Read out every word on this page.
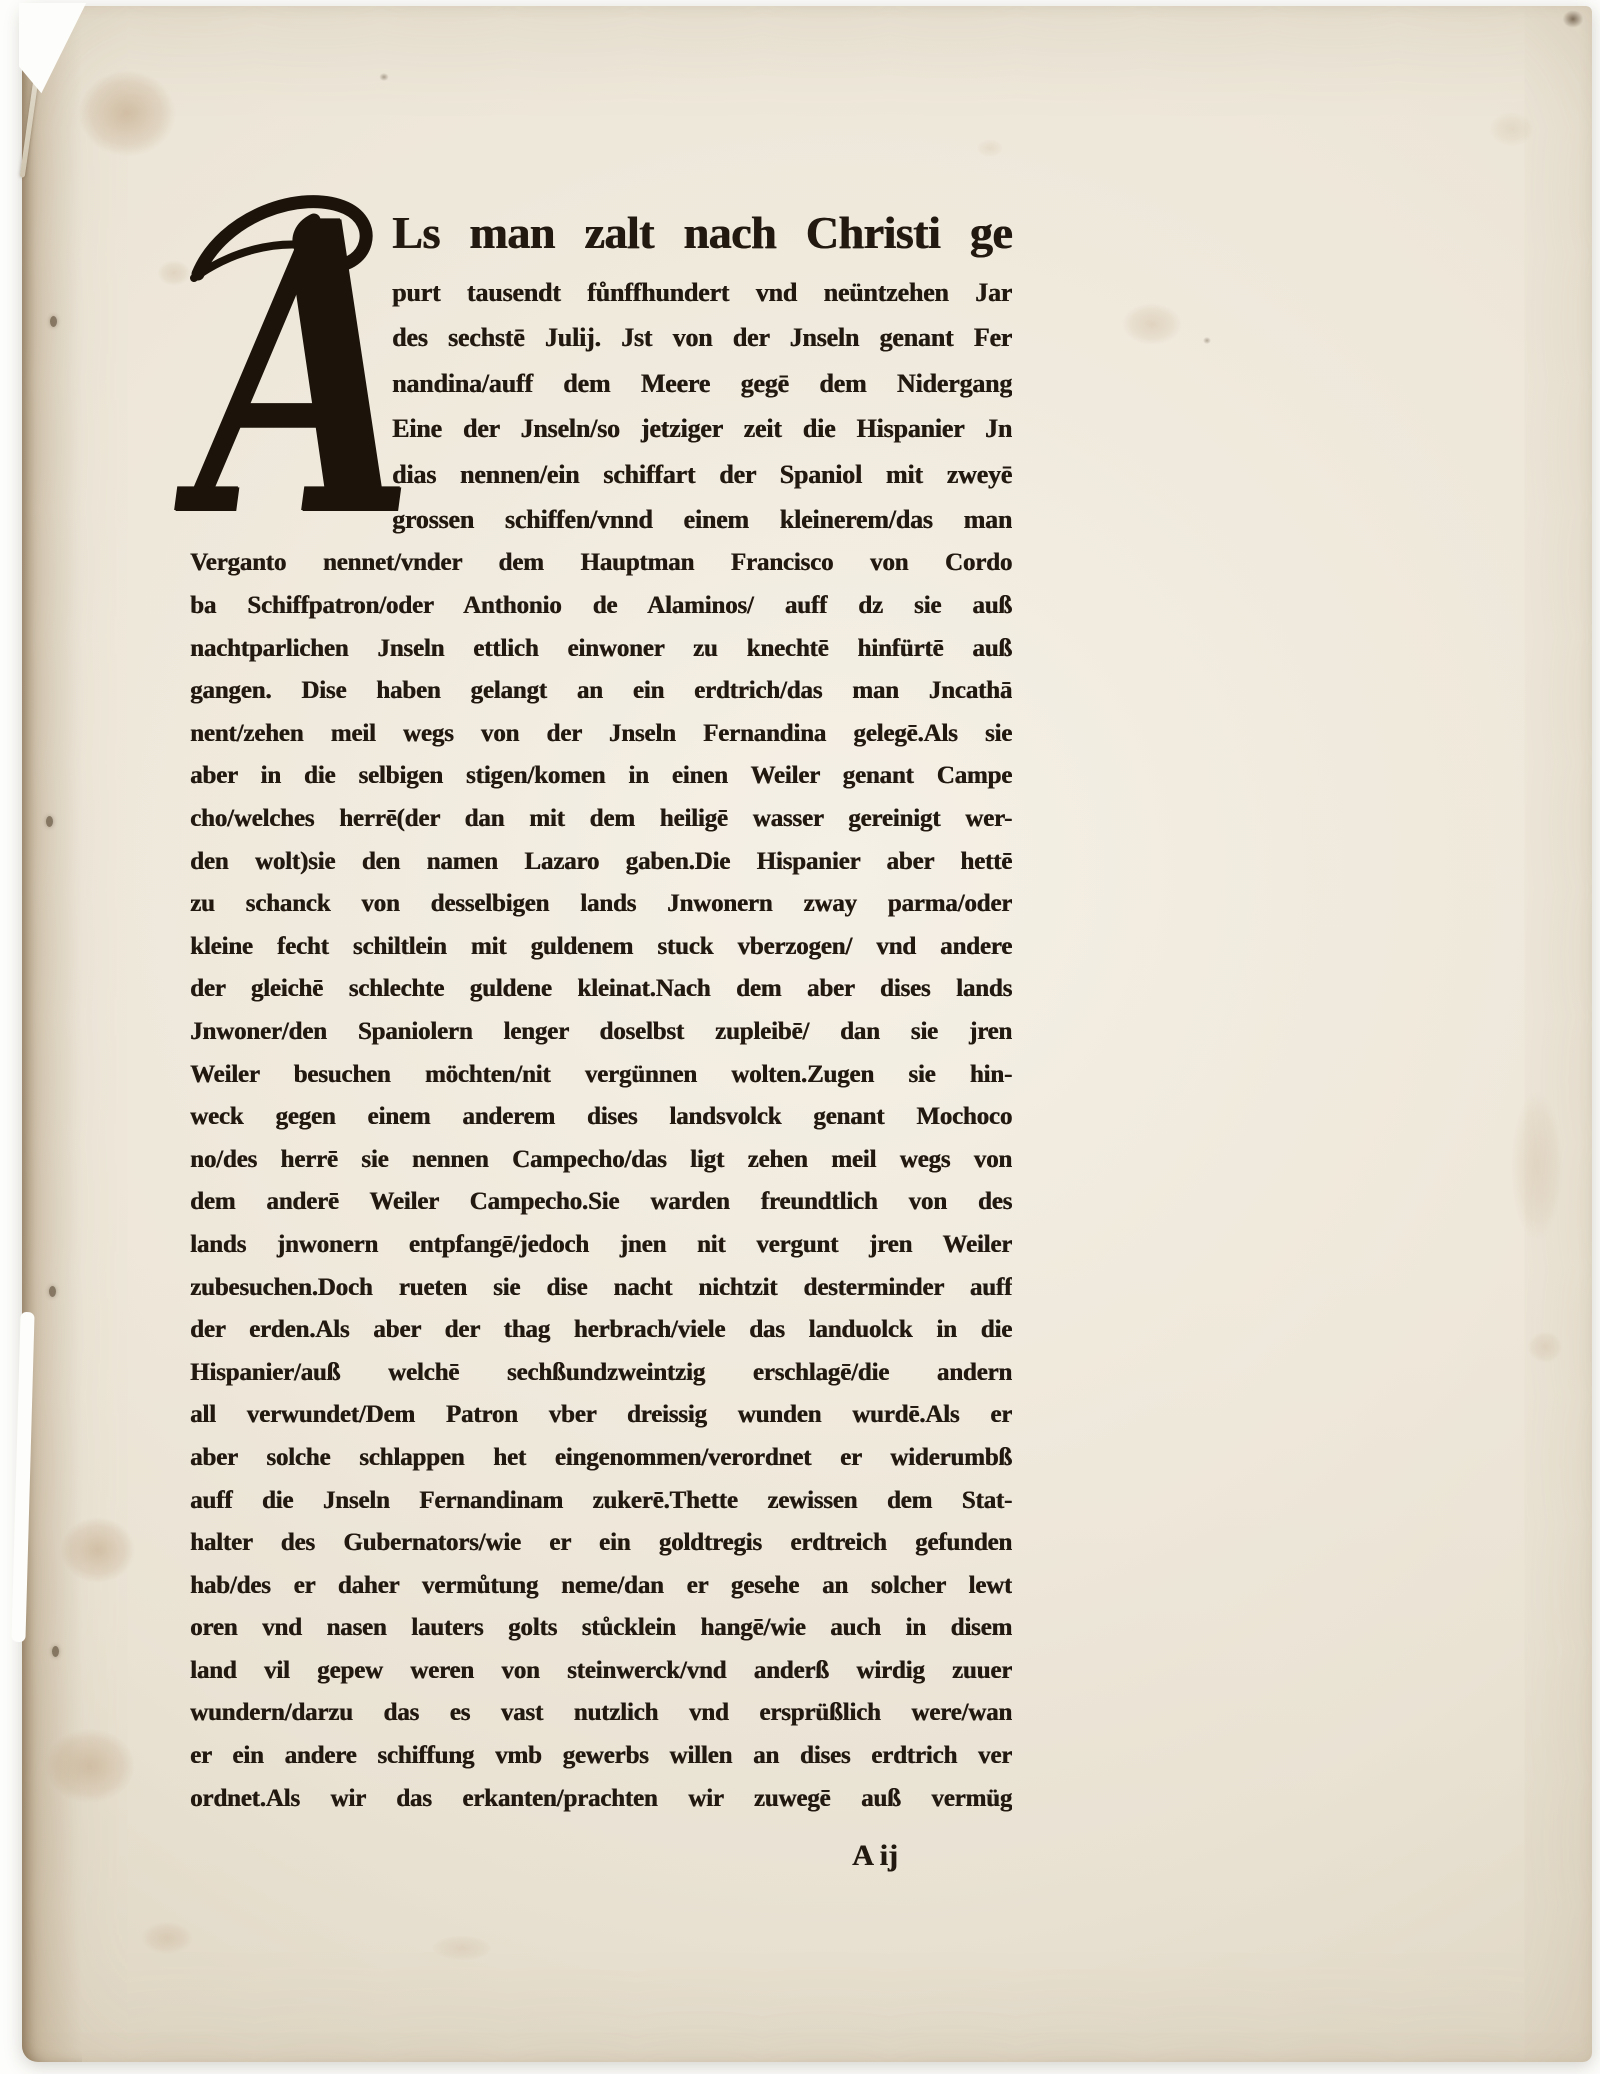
A
Ls man zalt nach Christi ge
purt tausendt fůnffhundert vnd neüntzehen Jar
des sechstē Julij. Jst von der Jnseln genant Fer
nandina/auff dem Meere gegē dem Nidergang
Eine der Jnseln/so jetziger zeit die Hispanier Jn
dias nennen/ein schiffart der Spaniol mit zweyē
grossen schiffen/vnnd einem kleinerem/das man
Verganto nennet/vnder dem Hauptman Francisco von Cordo
ba Schiffpatron/oder Anthonio de Alaminos/ auff dz sie auß
nachtparlichen Jnseln ettlich einwoner zu knechtē hinfürtē auß
gangen. Dise haben gelangt an ein erdtrich/das man Jncathā
nent/zehen meil wegs von der Jnseln Fernandina gelegē.Als sie
aber in die selbigen stigen/komen in einen Weiler genant Campe
cho/welches herrē(der dan mit dem heiligē wasser gereinigt wer-
den wolt)sie den namen Lazaro gaben.Die Hispanier aber hettē
zu schanck von desselbigen lands Jnwonern zway parma/oder
kleine fecht schiltlein mit guldenem stuck vberzogen/ vnd andere
der gleichē schlechte guldene kleinat.Nach dem aber dises lands
Jnwoner/den Spaniolern lenger doselbst zupleibē/ dan sie jren
Weiler besuchen möchten/nit vergünnen wolten.Zugen sie hin-
weck gegen einem anderem dises landsvolck genant Mochoco
no/des herrē sie nennen Campecho/das ligt zehen meil wegs von
dem anderē Weiler Campecho.Sie warden freundtlich von des
lands jnwonern entpfangē/jedoch jnen nit vergunt jren Weiler
zubesuchen.Doch rueten sie dise nacht nichtzit desterminder auff
der erden.Als aber der thag herbrach/viele das landuolck in die
Hispanier/auß welchē sechßundzweintzig erschlagē/die andern
all verwundet/Dem Patron vber dreissig wunden wurdē.Als er
aber solche schlappen het eingenommen/verordnet er widerumbß
auff die Jnseln Fernandinam zukerē.Thette zewissen dem Stat-
halter des Gubernators/wie er ein goldtregis erdtreich gefunden
hab/des er daher vermůtung neme/dan er gesehe an solcher lewt
oren vnd nasen lauters golts stůcklein hangē/wie auch in disem
land vil gepew weren von steinwerck/vnd anderß wirdig zuuer
wundern/darzu das es vast nutzlich vnd ersprüßlich were/wan
er ein andere schiffung vmb gewerbs willen an dises erdtrich ver
ordnet.Als wir das erkanten/prachten wir zuwegē auß vermüg
A ij
